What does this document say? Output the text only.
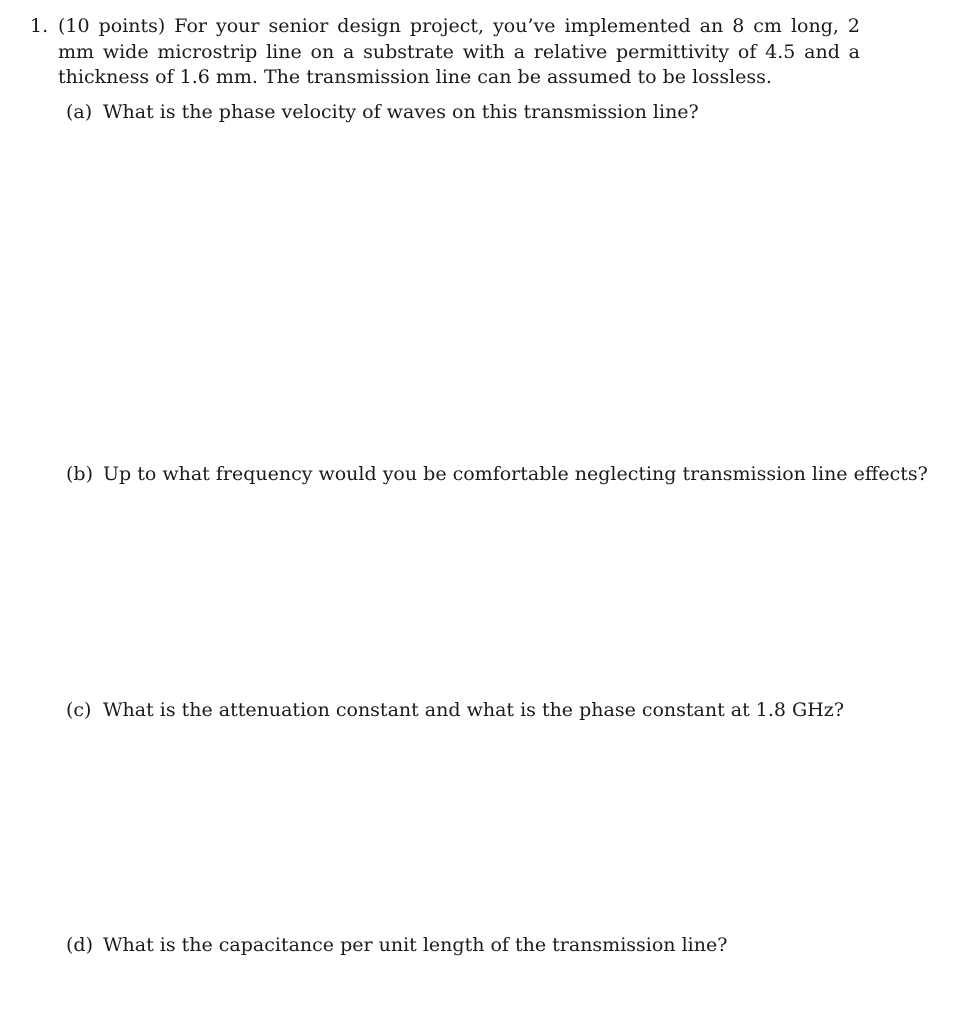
1. (10 points) For your senior design project, you’ve implemented an 8 cm long, 2 mm wide microstrip line on a substrate with a relative permittivity of 4.5 and a thickness of 1.6 mm. The transmission line can be assumed to be lossless.
(a) What is the phase velocity of waves on this transmission line?
(b) Up to what frequency would you be comfortable neglecting transmission line effects?
(c) What is the attenuation constant and what is the phase constant at 1.8 GHz?
(d) What is the capacitance per unit length of the transmission line?
